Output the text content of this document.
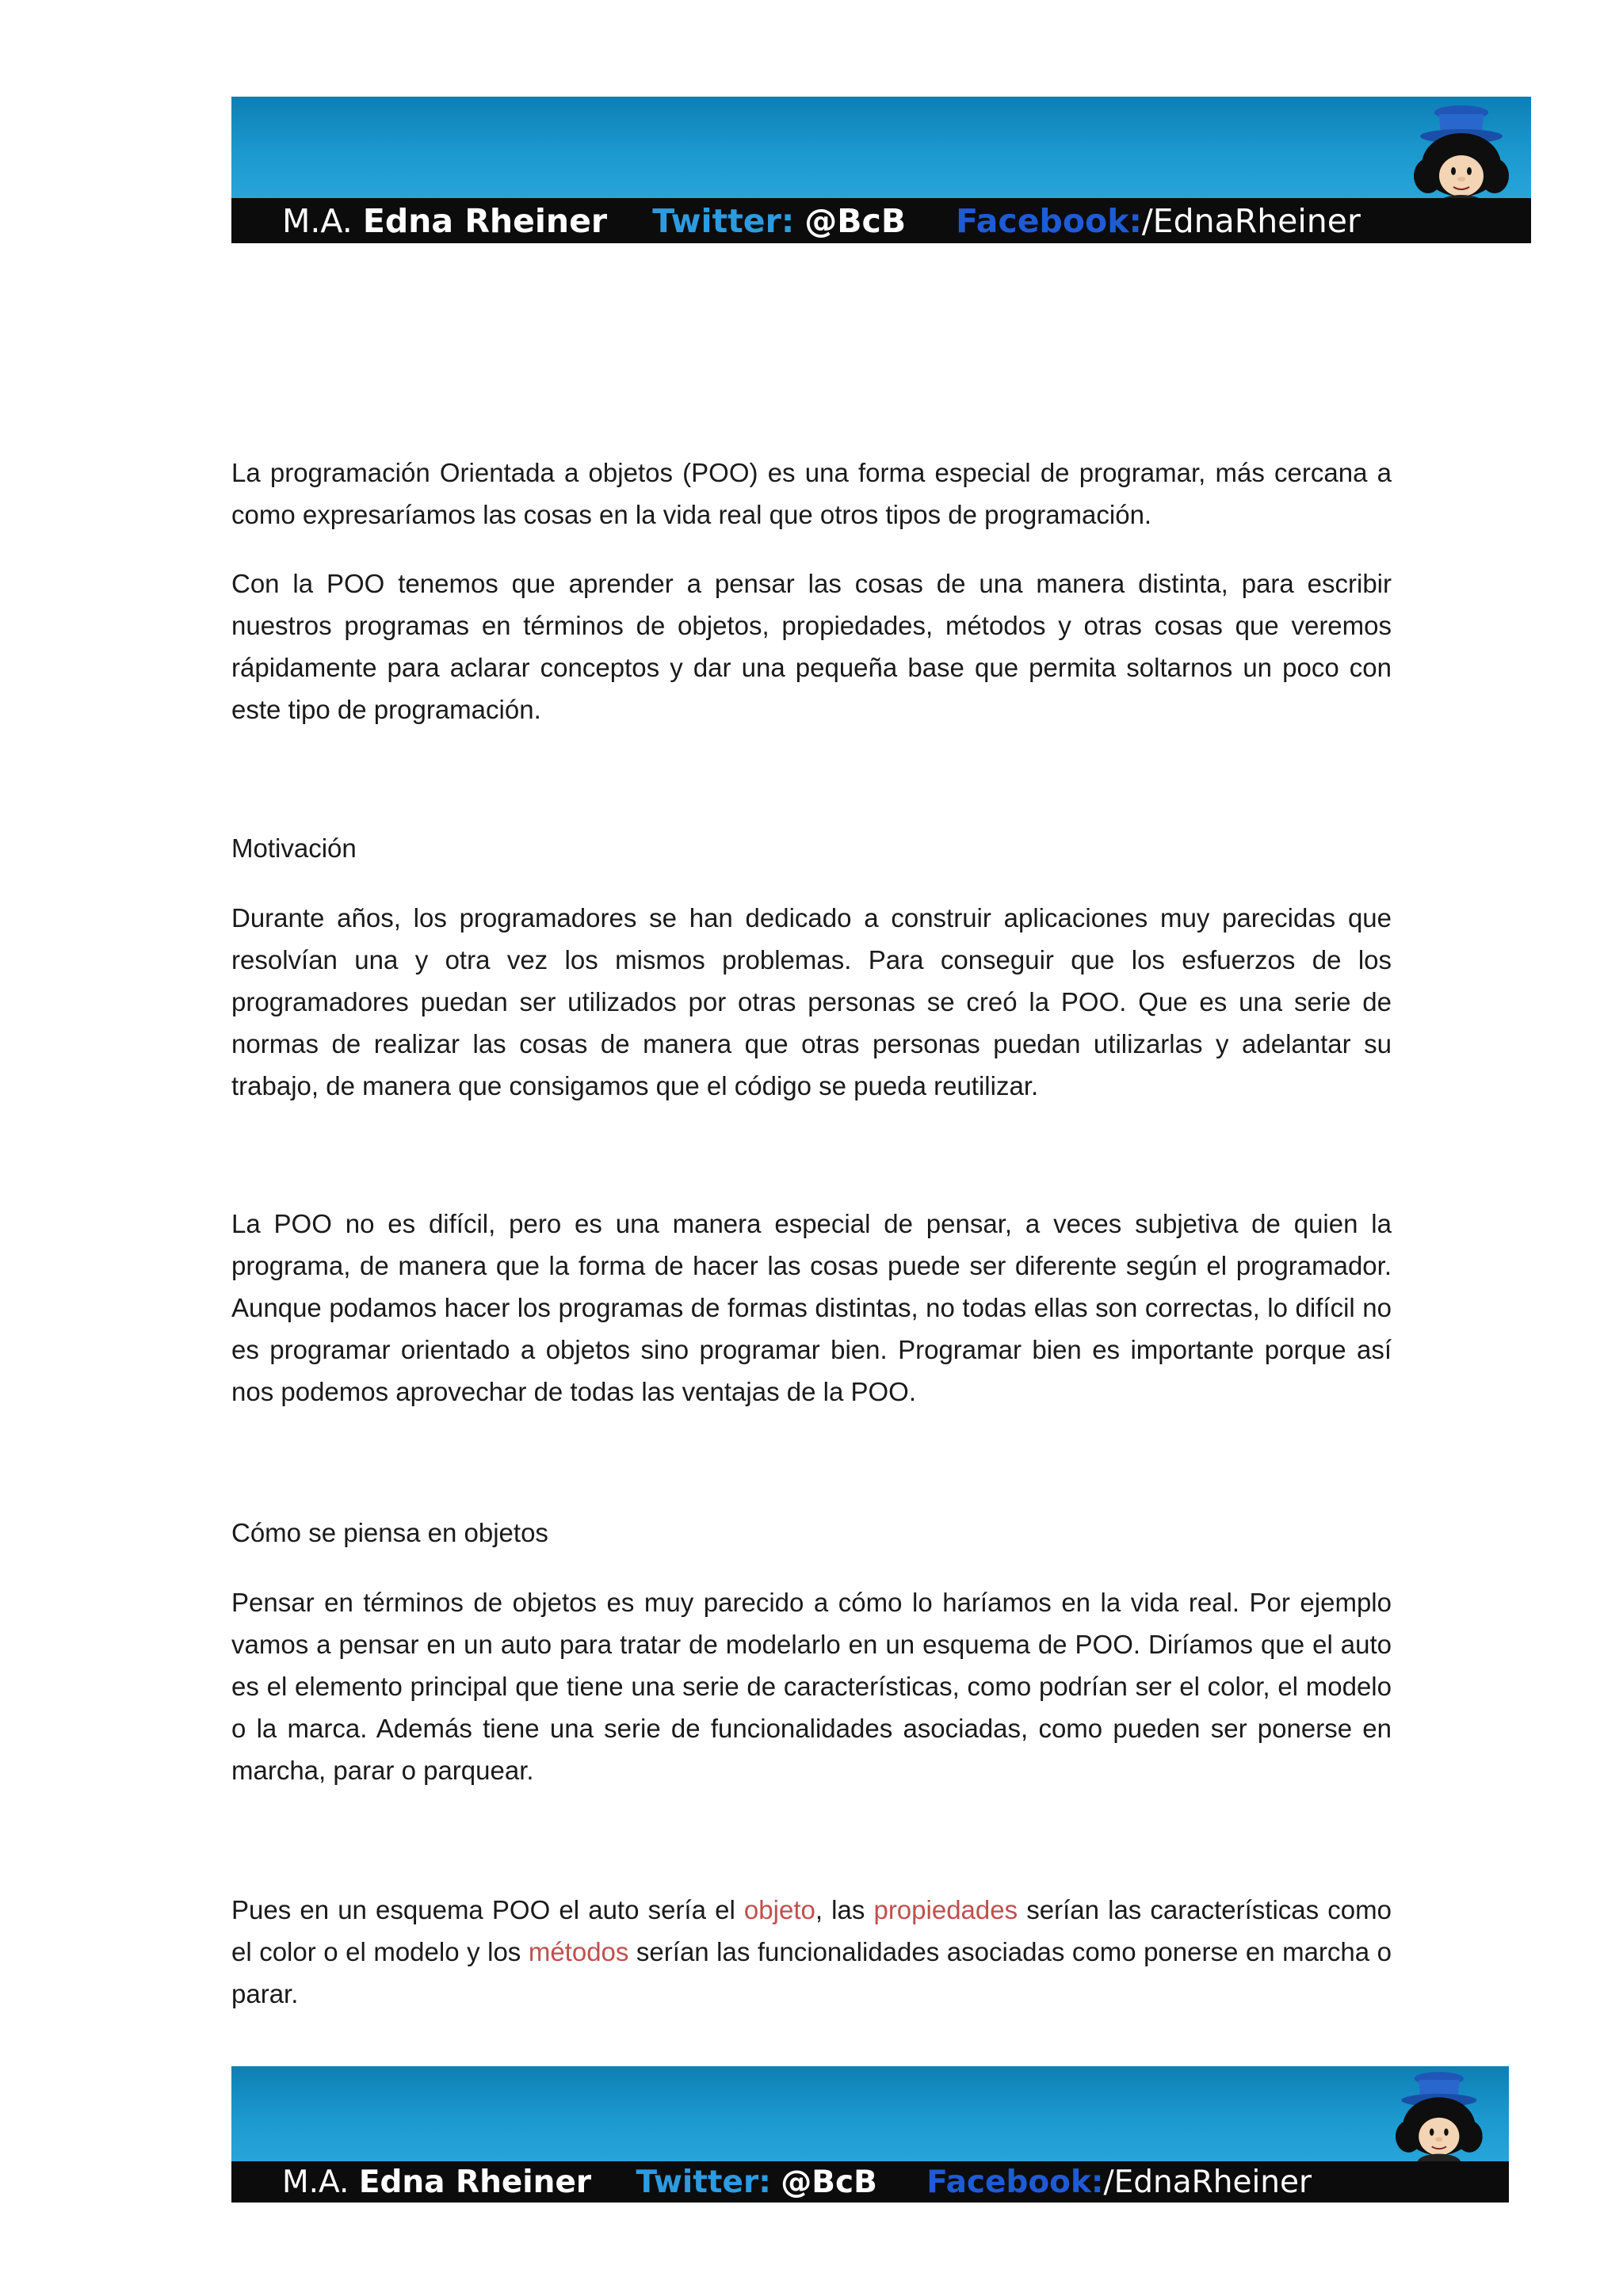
M.A. Edna Rheiner Twitter: @BcB Facebook:/EdnaRheiner

La programación Orientada a objetos (POO) es una forma especial de programar, más cercana a como expresaríamos las cosas en la vida real que otros tipos de programación.

Con la POO tenemos que aprender a pensar las cosas de una manera distinta, para escribir nuestros programas en términos de objetos, propiedades, métodos y otras cosas que veremos rápidamente para aclarar conceptos y dar una pequeña base que permita soltarnos un poco con este tipo de programación.

Motivación

Durante años, los programadores se han dedicado a construir aplicaciones muy parecidas que resolvían una y otra vez los mismos problemas. Para conseguir que los esfuerzos de los programadores puedan ser utilizados por otras personas se creó la POO. Que es una serie de normas de realizar las cosas de manera que otras personas puedan utilizarlas y adelantar su trabajo, de manera que consigamos que el código se pueda reutilizar.

La POO no es difícil, pero es una manera especial de pensar, a veces subjetiva de quien la programa, de manera que la forma de hacer las cosas puede ser diferente según el programador. Aunque podamos hacer los programas de formas distintas, no todas ellas son correctas, lo difícil no es programar orientado a objetos sino programar bien. Programar bien es importante porque así nos podemos aprovechar de todas las ventajas de la POO.

Cómo se piensa en objetos

Pensar en términos de objetos es muy parecido a cómo lo haríamos en la vida real. Por ejemplo vamos a pensar en un auto para tratar de modelarlo en un esquema de POO. Diríamos que el auto es el elemento principal que tiene una serie de características, como podrían ser el color, el modelo o la marca. Además tiene una serie de funcionalidades asociadas, como pueden ser ponerse en marcha, parar o parquear.

Pues en un esquema POO el auto sería el objeto, las propiedades serían las características como el color o el modelo y los métodos serían las funcionalidades asociadas como ponerse en marcha o parar.

M.A. Edna Rheiner Twitter: @BcB Facebook:/EdnaRheiner
